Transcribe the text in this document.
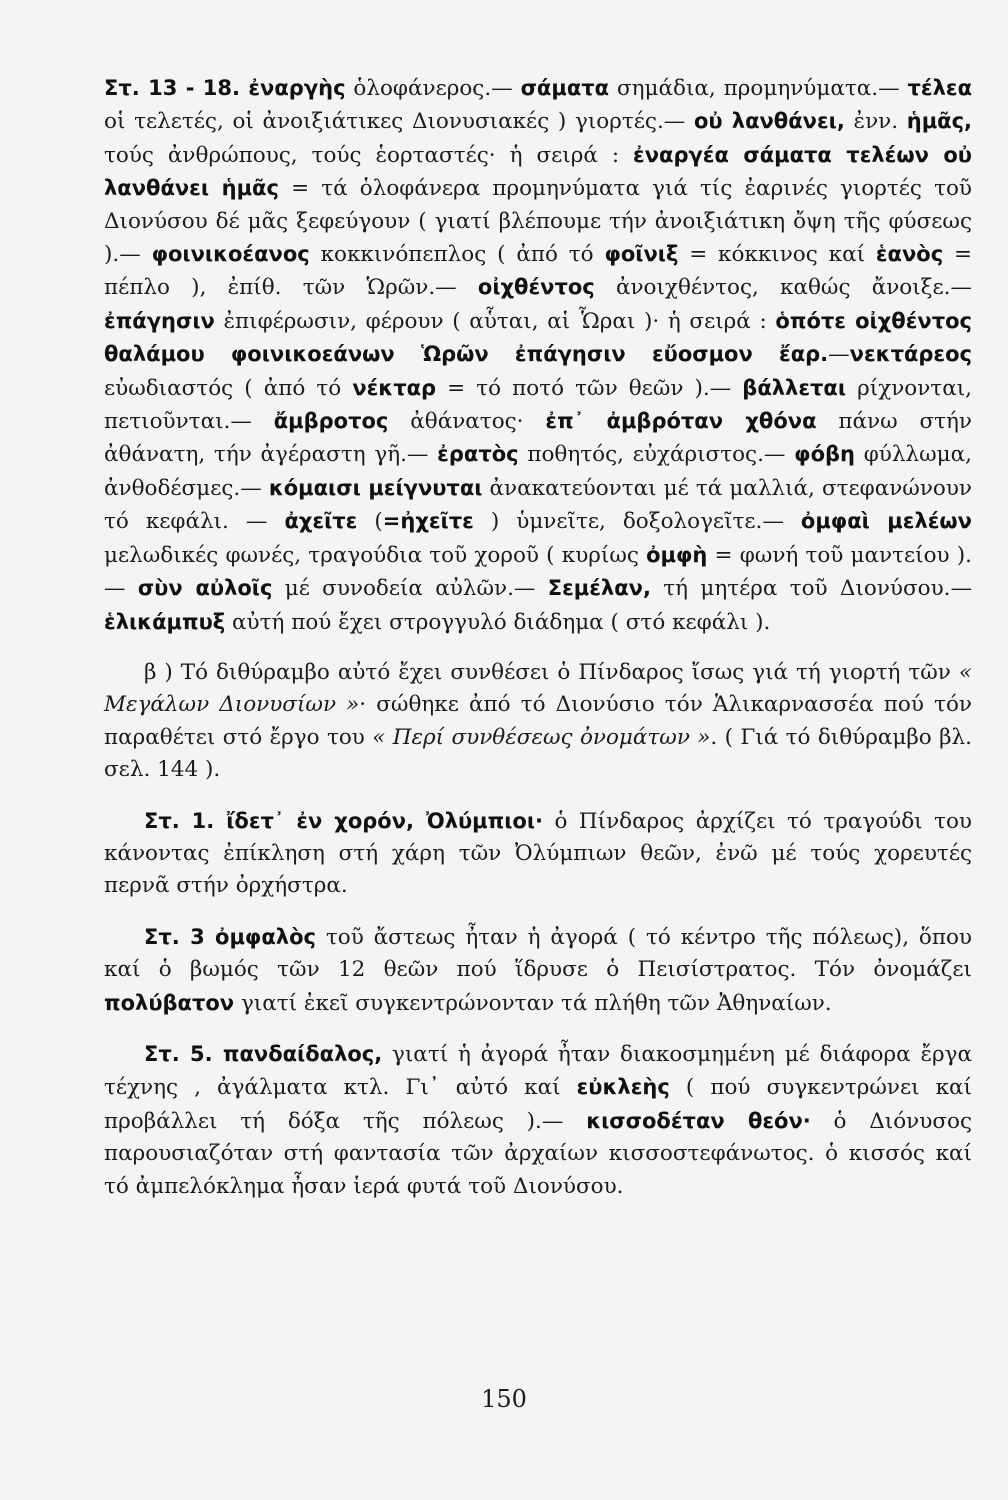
Στ. 13 - 18. ἐναργὴς ὁλοφάνερος.— σάματα σημάδια, προμηνύματα.— τέλεα οἱ τελετές, οἱ ἀνοιξιάτικες Διονυσιακές ) γιορτές.— οὐ λανθάνει, ἐνν. ἡμᾶς, τούς ἀνθρώπους, τούς ἑορταστές· ἡ σειρά : ἐναργέα σάματα τελέων οὐ λανθάνει ἡμᾶς = τά ὁλοφάνερα προμηνύματα γιά τίς ἐαρινές γιορτές τοῦ Διονύσου δέ μᾶς ξεφεύγουν ( γιατί βλέπουμε τήν ἀνοιξιάτικη ὄψη τῆς φύσεως ).— φοινικοέανος κοκκινόπεπλος ( ἀπό τό φοῖνιξ = κόκκινος καί ἑανὸς = πέπλο ), ἐπίθ. τῶν Ὡρῶν.— οἰχθέντος ἀνοιχθέντος, καθώς ἄνοιξε.— ἐπάγησιν ἐπιφέρωσιν, φέρουν ( αὗται, αἱ Ὧραι )· ἡ σειρά : ὁπότε οἰχθέντος θαλάμου φοινικοεάνων Ὡρῶν ἐπάγησιν εὔοσμον ἔαρ.—νεκτάρεος εὐωδιαστός ( ἀπό τό νέκταρ = τό ποτό τῶν θεῶν ).— βάλλεται ρίχνονται, πετιοῦνται.— ἄμβροτος ἀθάνατος· ἐπ᾽ ἀμβρόταν χθόνα πάνω στήν ἀθάνατη, τήν ἀγέραστη γῆ.— ἐρατὸς ποθητός, εὐχάριστος.— φόβη φύλλωμα, ἀνθοδέσμες.— κόμαισι μείγνυται ἀνακατεύονται μέ τά μαλλιά, στεφανώνουν τό κεφάλι. — ἀχεῖτε (=ἠχεῖτε ) ὑμνεῖτε, δοξολογεῖτε.— ὀμφαὶ μελέων μελωδικές φωνές, τραγούδια τοῦ χοροῦ ( κυρίως ὀμφὴ = φωνή τοῦ μαντείου ).— σὺν αὐλοῖς μέ συνοδεία αὐλῶν.— Σεμέλαν, τή μητέρα τοῦ Διονύσου.— ἑλικάμπυξ αὐτή πού ἔχει στρογγυλό διάδημα ( στό κεφάλι ).

β ) Τό διθύραμβο αὐτό ἔχει συνθέσει ὁ Πίνδαρος ἴσως γιά τή γιορτή τῶν « Μεγάλων Διονυσίων »· σώθηκε ἀπό τό Διονύσιο τόν Ἁλικαρνασσέα πού τόν παραθέτει στό ἔργο του « Περί συνθέσεως ὀνομάτων ». ( Γιά τό διθύραμβο βλ. σελ. 144 ).

Στ. 1. ἴδετ᾽ ἐν χορόν, Ὀλύμπιοι· ὁ Πίνδαρος ἀρχίζει τό τραγούδι του κάνοντας ἐπίκληση στή χάρη τῶν Ὀλύμπιων θεῶν, ἐνῶ μέ τούς χορευτές περνᾶ στήν ὀρχήστρα.

Στ. 3 ὀμφαλὸς τοῦ ἄστεως ἦταν ἡ ἀγορά ( τό κέντρο τῆς πόλεως), ὅπου καί ὁ βωμός τῶν 12 θεῶν πού ἵδρυσε ὁ Πεισίστρατος. Τόν ὀνομάζει πολύβατον γιατί ἐκεῖ συγκεντρώνονταν τά πλήθη τῶν Ἀθηναίων.

Στ. 5. πανδαίδαλος, γιατί ἡ ἀγορά ἦταν διακοσμημένη μέ διάφορα ἔργα τέχνης , ἀγάλματα κτλ. Γι᾽ αὐτό καί εὐκλεὴς ( πού συγκεντρώνει καί προβάλλει τή δόξα τῆς πόλεως ).— κισσοδέταν θεόν· ὁ Διόνυσος παρουσιαζόταν στή φαντασία τῶν ἀρχαίων κισσοστεφάνωτος. ὁ κισσός καί τό ἀμπελόκλημα ἦσαν ἱερά φυτά τοῦ Διονύσου.

150
